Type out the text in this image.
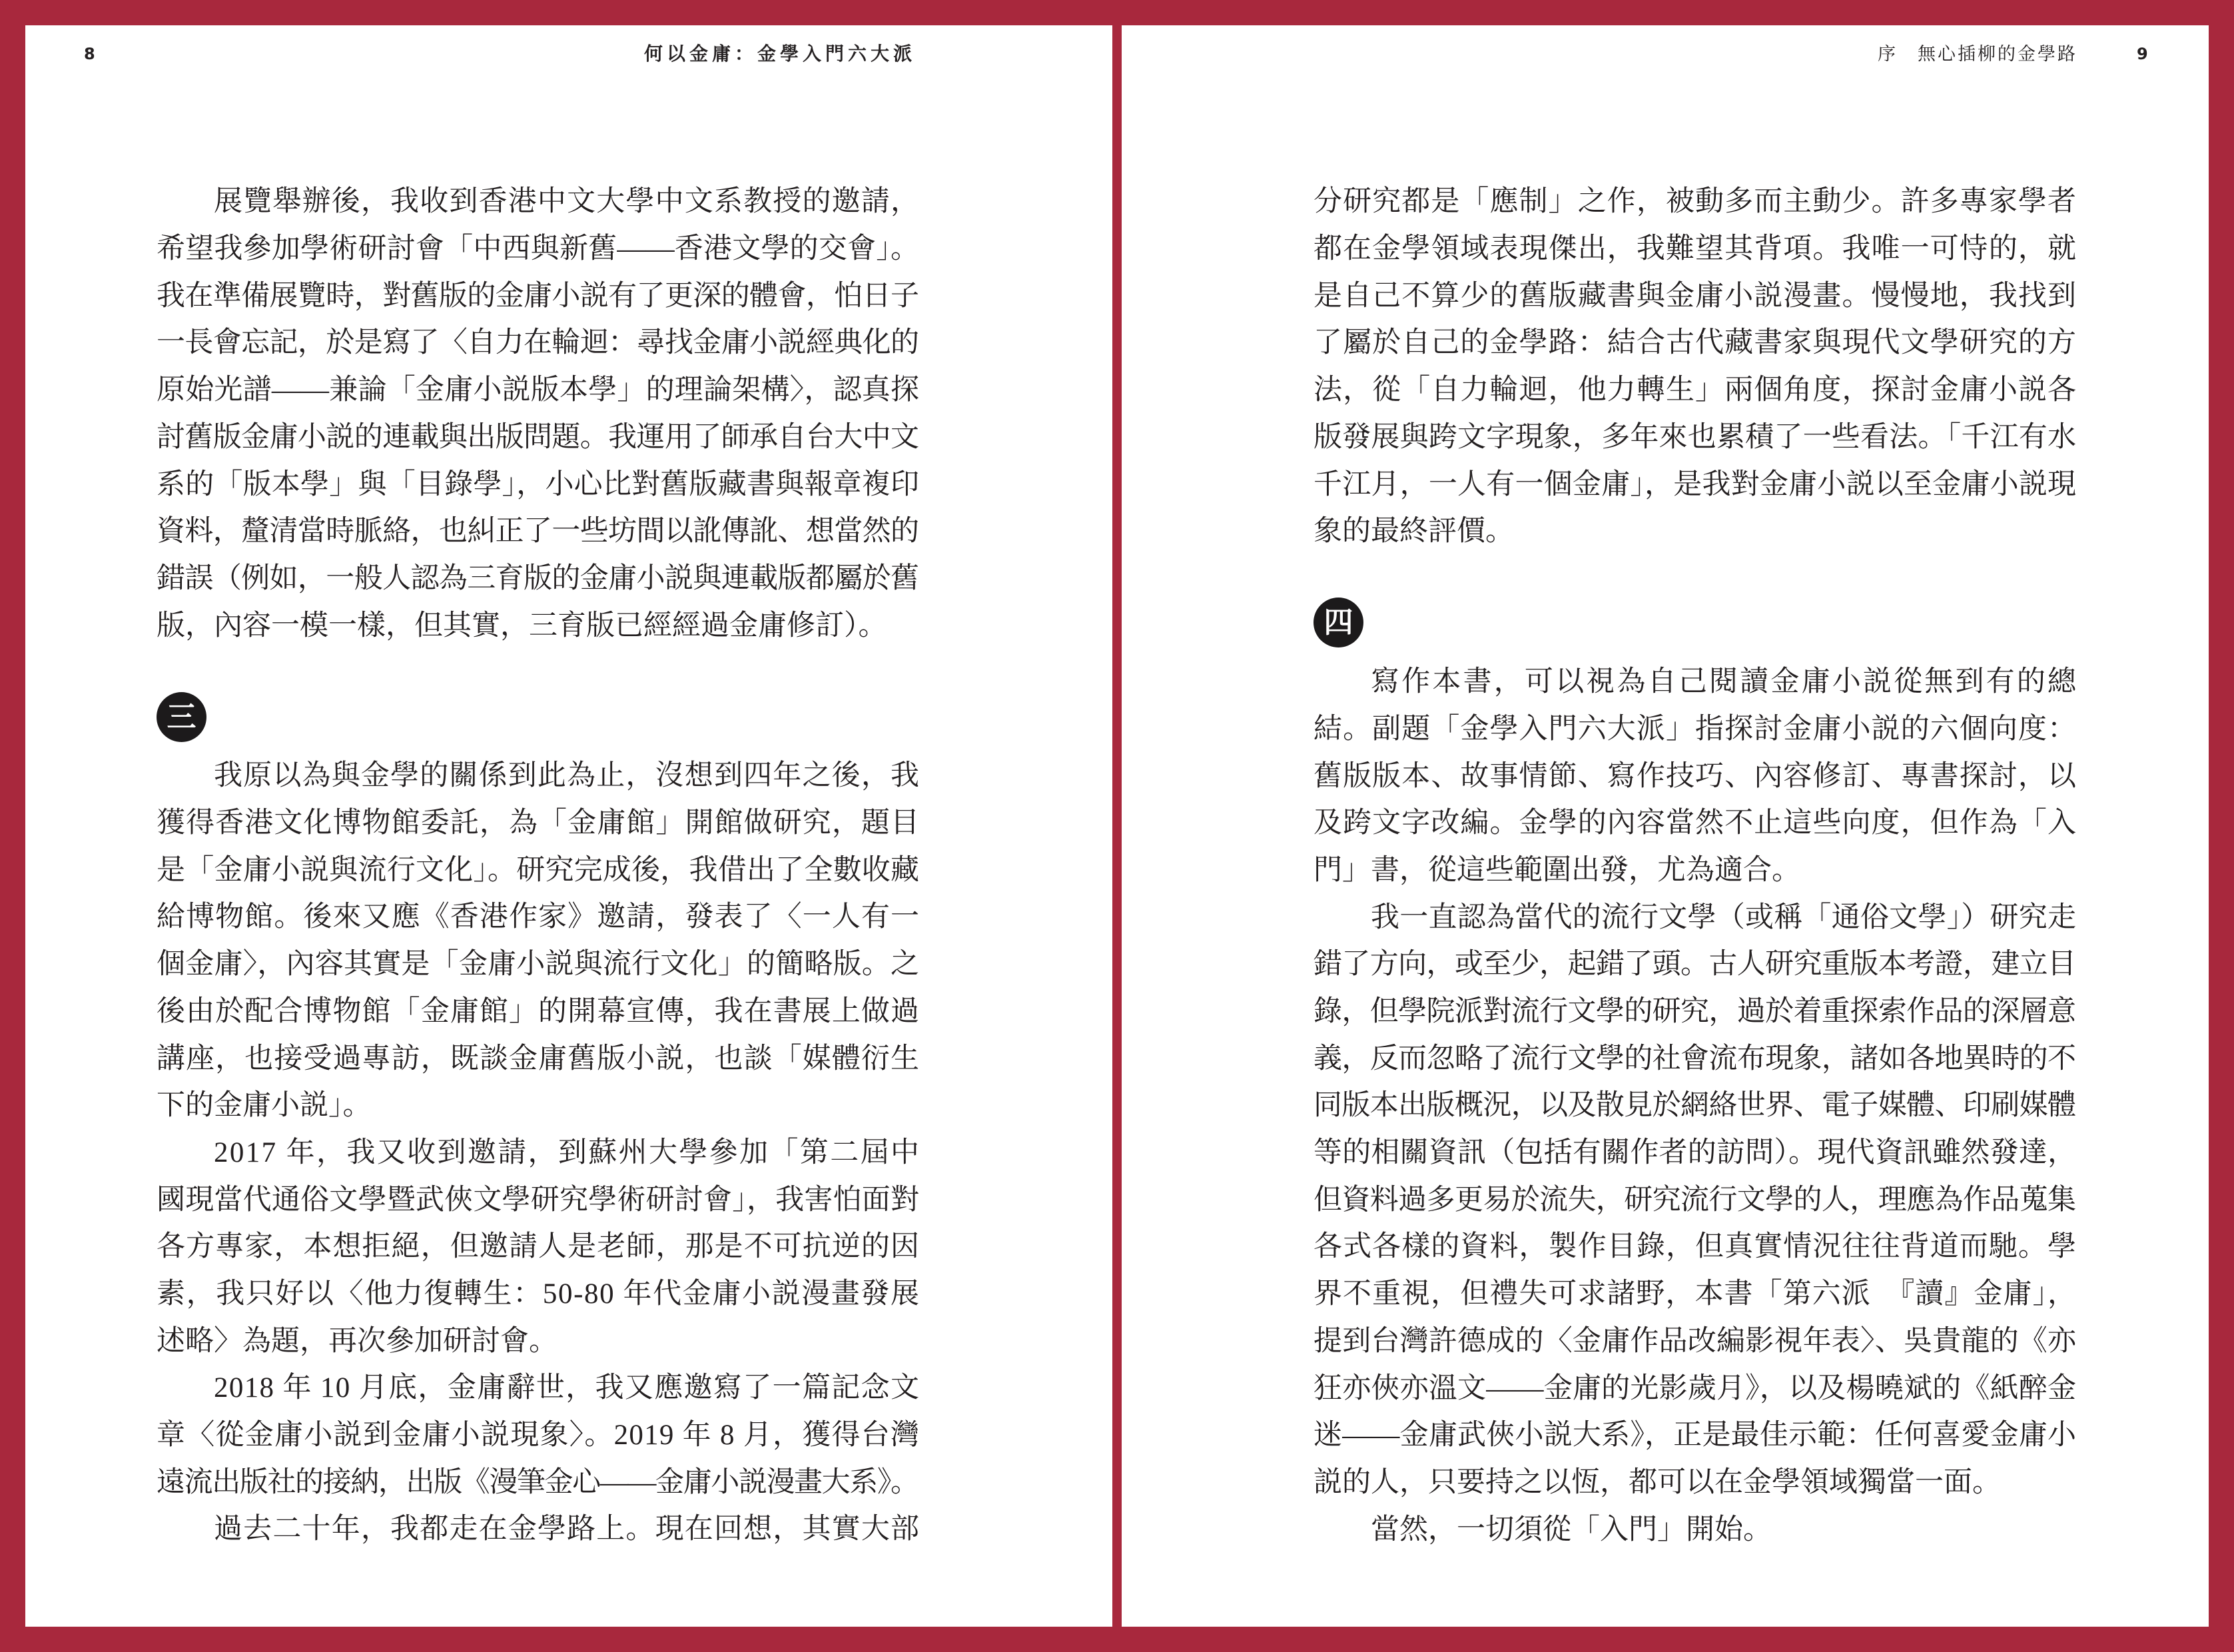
8	何以金庸：金學入門六大派
展覽舉辦後，我收到香港中文大學中文系教授的邀請，
希望我參加學術研討會「中西與新舊——香港文學的交會」。
我在準備展覽時，對舊版的金庸小説有了更深的體會，怕日子
一長會忘記，於是寫了〈自力在輪迴：尋找金庸小説經典化的
原始光譜——兼論「金庸小説版本學」的理論架構〉，認真探
討舊版金庸小説的連載與出版問題。我運用了師承自台大中文
系的「版本學」與「目錄學」，小心比對舊版藏書與報章複印
資料，釐清當時脈絡，也糾正了一些坊間以訛傳訛、想當然的
錯誤（例如，一般人認為三育版的金庸小説與連載版都屬於舊
版，內容一模一樣，但其實，三育版已經經過金庸修訂）。
三
我原以為與金學的關係到此為止，沒想到四年之後，我
獲得香港文化博物館委託，為「金庸館」開館做研究，題目
是「金庸小説與流行文化」。研究完成後，我借出了全數收藏
給博物館。後來又應《香港作家》邀請，發表了〈一人有一
個金庸〉，內容其實是「金庸小説與流行文化」的簡略版。之
後由於配合博物館「金庸館」的開幕宣傳，我在書展上做過
講座，也接受過專訪，既談金庸舊版小説，也談「媒體衍生
下的金庸小説」。
2017 年，我又收到邀請，到蘇州大學參加「第二屆中
國現當代通俗文學暨武俠文學研究學術研討會」，我害怕面對
各方專家，本想拒絕，但邀請人是老師，那是不可抗逆的因
素，我只好以〈他力復轉生：50-80 年代金庸小説漫畫發展
述略〉為題，再次參加研討會。
2018 年 10 月底，金庸辭世，我又應邀寫了一篇記念文
章〈從金庸小説到金庸小説現象〉。2019 年 8 月，獲得台灣
遠流出版社的接納，出版《漫筆金心——金庸小説漫畫大系》。
過去二十年，我都走在金學路上。現在回想，其實大部
序　無心插柳的金學路	9
分研究都是「應制」之作，被動多而主動少。許多專家學者
都在金學領域表現傑出，我難望其背項。我唯一可恃的，就
是自己不算少的舊版藏書與金庸小説漫畫。慢慢地，我找到
了屬於自己的金學路：結合古代藏書家與現代文學研究的方
法，從「自力輪迴，他力轉生」兩個角度，探討金庸小説各
版發展與跨文字現象，多年來也累積了一些看法。「千江有水
千江月，一人有一個金庸」，是我對金庸小説以至金庸小説現
象的最終評價。
四
寫作本書，可以視為自己閱讀金庸小説從無到有的總
結。副題「金學入門六大派」指探討金庸小説的六個向度：
舊版版本、故事情節、寫作技巧、內容修訂、專書探討，以
及跨文字改編。金學的內容當然不止這些向度，但作為「入
門」書，從這些範圍出發，尤為適合。
我一直認為當代的流行文學（或稱「通俗文學」）研究走
錯了方向，或至少，起錯了頭。古人研究重版本考證，建立目
錄，但學院派對流行文學的研究，過於着重探索作品的深層意
義，反而忽略了流行文學的社會流布現象，諸如各地異時的不
同版本出版概況，以及散見於網絡世界、電子媒體、印刷媒體
等的相關資訊（包括有關作者的訪問）。現代資訊雖然發達，
但資料過多更易於流失，研究流行文學的人，理應為作品蒐集
各式各樣的資料，製作目錄，但真實情況往往背道而馳。學
界不重視，但禮失可求諸野，本書「第六派　『讀』金庸」，
提到台灣許德成的〈金庸作品改編影視年表〉、吳貴龍的《亦
狂亦俠亦溫文——金庸的光影歲月》，以及楊曉斌的《紙醉金
迷——金庸武俠小説大系》，正是最佳示範：任何喜愛金庸小
説的人，只要持之以恆，都可以在金學領域獨當一面。
當然，一切須從「入門」開始。
